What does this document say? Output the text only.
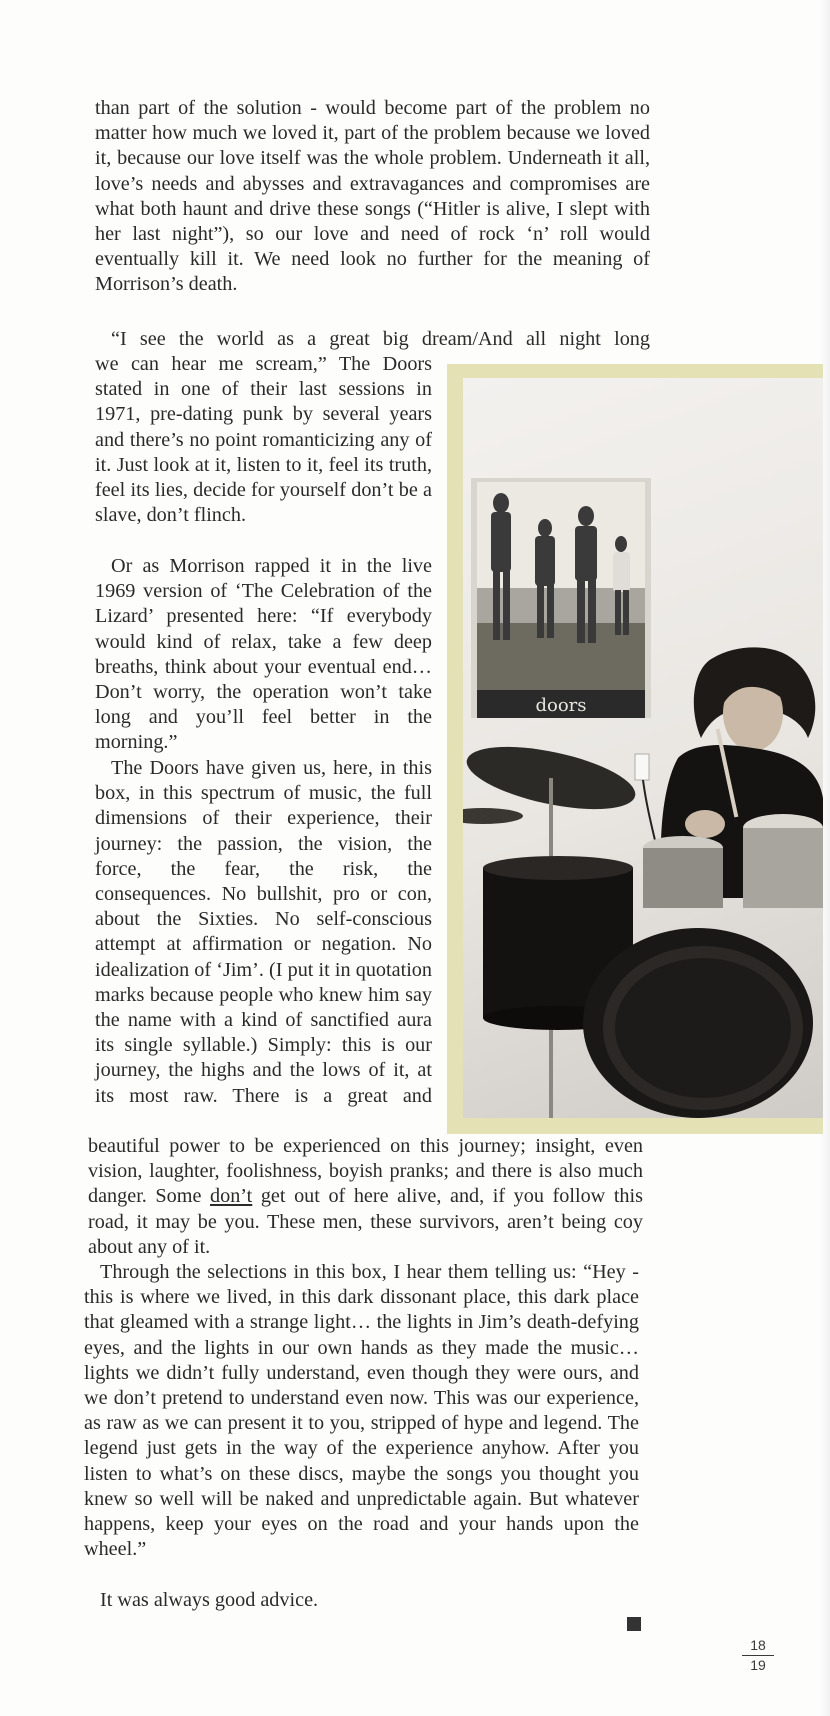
than part of the solution - would become part of the problem no matter how much we loved it, part of the problem because we loved it, because our love itself was the whole problem. Underneath it all, love’s needs and abysses and extravagances and compromises are what both haunt and drive these songs (“Hitler is alive, I slept with her last night”), so our love and need of rock ‘n’ roll would eventually kill it. We need look no further for the meaning of Morrison’s death.

“I see the world as a great big dream/And all night long

we can hear me scream,” The Doors stated in one of their last sessions in 1971, pre-dating punk by several years and there’s no point romanticizing any of it. Just look at it, listen to it, feel its truth, feel its lies, decide for yourself don’t be a slave, don’t flinch.

Or as Morrison rapped it in the live 1969 version of ‘The Celebration of the Lizard’ presented here: “If everybody would kind of relax, take a few deep breaths, think about your eventual end… Don’t worry, the operation won’t take long and you’ll feel better in the morning.”

The Doors have given us, here, in this box, in this spectrum of music, the full dimensions of their experience, their journey: the passion, the vision, the force, the fear, the risk, the consequences. No bullshit, pro or con, about the Sixties. No self-conscious attempt at affirmation or negation. No idealization of ‘Jim’. (I put it in quotation marks because people who knew him say the name with a kind of sanctified aura its single syllable.) Simply: this is our journey, the highs and the lows of it, at its most raw. There is a great and

beautiful power to be experienced on this journey; insight, even vision, laughter, foolishness, boyish pranks; and there is also much danger. Some don’t get out of here alive, and, if you follow this road, it may be you. These men, these survivors, aren’t being coy about any of it.

Through the selections in this box, I hear them telling us: “Hey - this is where we lived, in this dark dissonant place, this dark place that gleamed with a strange light… the lights in Jim’s death-defying eyes, and the lights in our own hands as they made the music… lights we didn’t fully understand, even though they were ours, and we don’t pretend to understand even now. This was our experience, as raw as we can present it to you, stripped of hype and legend. The legend just gets in the way of the experience anyhow. After you listen to what’s on these discs, maybe the songs you thought you knew so well will be naked and unpredictable again. But whatever happens, keep your eyes on the road and your hands upon the wheel.”

It was always good advice.

doors
18
19
